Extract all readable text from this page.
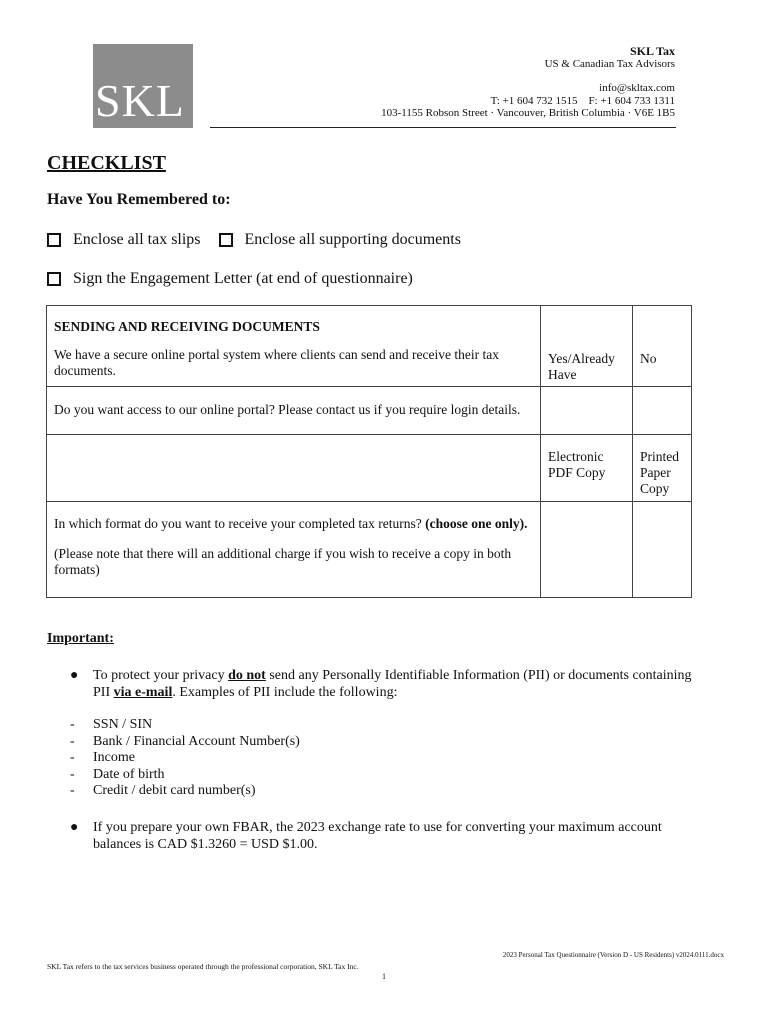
SKL
SKL Tax
US & Canadian Tax Advisors
info@skltax.com
T: +1 604 732 1515    F: +1 604 733 1311
103-1155 Robson Street · Vancouver, British Columbia · V6E 1B5
CHECKLIST
Have You Remembered to:
Enclose all tax slips	Enclose all supporting documents
Sign the Engagement Letter (at end of questionnaire)
SENDING AND RECEIVING DOCUMENTS
We have a secure online portal system where clients can send and receive their tax documents.	Yes/Already Have	No
Do you want access to our online portal? Please contact us if you require login details.		
	Electronic PDF Copy	Printed Paper Copy

In which format do you want to receive your completed tax returns? (choose one only).
(Please note that there will an additional charge if you wish to receive a copy in both formats)		

Important:
● To protect your privacy do not send any Personally Identifiable Information (PII) or documents containing PII via e-mail. Examples of PII include the following:
- SSN / SIN
- Bank / Financial Account Number(s)
- Income
- Date of birth
- Credit / debit card number(s)
● If you prepare your own FBAR, the 2023 exchange rate to use for converting your maximum account balances is CAD $1.3260 = USD $1.00.
2023 Personal Tax Questionnaire (Version D - US Residents) v2024.0111.docx
SKL Tax refers to the tax services business operated through the professional corporation, SKL Tax Inc.
1
